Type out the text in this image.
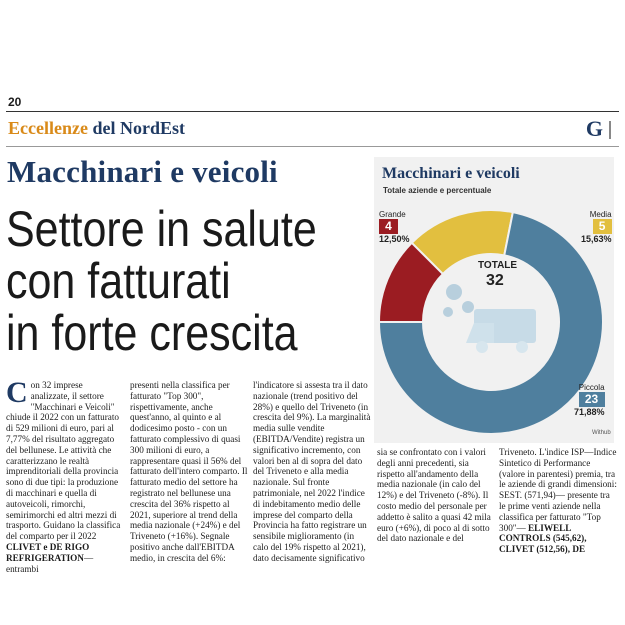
20
Eccellenze del NordEst	G
Macchinari e veicoli
Settore in salute
con fatturati
in forte crescita
Con 32 imprese analizzate, il settore "Macchinari e Veicoli" chiude il 2022 con un fatturato di 529 milioni di euro, pari al 7,77% del risultato aggregato del bellunese. Le attività che caratterizzano le realtà imprenditoriali della provincia sono di due tipi: la produzione di macchinari e quella di autoveicoli, rimorchi, semirimorchi ed altri mezzi di trasporto. Guidano la classifica del comparto per il 2022 CLIVET e DE RIGO REFRIGERATION—entrambi

presenti nella classifica per fatturato "Top 300", rispettivamente, anche quest'anno, al quinto e al dodicesimo posto - con un fatturato complessivo di quasi 300 milioni di euro, a rappresentare quasi il 56% del fatturato dell'intero comparto. Il fatturato medio del settore ha registrato nel bellunese una crescita del 36% rispetto al 2021, superiore al trend della media nazionale (+24%) e del Triveneto (+16%). Segnale positivo anche dall'EBITDA medio, in crescita del 6%:

l'indicatore si assesta tra il dato nazionale (trend positivo del 28%) e quello del Triveneto (in crescita del 9%). La marginalità media sulle vendite (EBITDA/Vendite) registra un significativo incremento, con valori ben al di sopra del dato del Triveneto e alla media nazionale. Sul fronte patrimoniale, nel 2022 l'indice di indebitamento medio delle imprese del comparto della Provincia ha fatto registrare un sensibile miglioramento (in calo del 19% rispetto al 2021), dato decisamente significativo

sia se confrontato con i valori degli anni precedenti, sia rispetto all'andamento della media nazionale (in calo del 12%) e del Triveneto (-8%). Il costo medio del personale per addetto è salito a quasi 42 mila euro (+6%), di poco al di sotto del dato nazionale e del

Triveneto. L'indice ISP—Indice Sintetico di Performance (valore in parentesi) premia, tra le aziende di grandi dimensioni: SEST. (571,94)— presente tra le prime venti aziende nella classifica per fatturato "Top 300"— ELIWELL CONTROLS (545,62), CLIVET (512,56), DE
Macchinari e veicoli
Totale aziende e percentuale
Grande
4
12,50%
Media
5
15,63%
Piccola
23
71,88%
TOTALE
32
Withub
